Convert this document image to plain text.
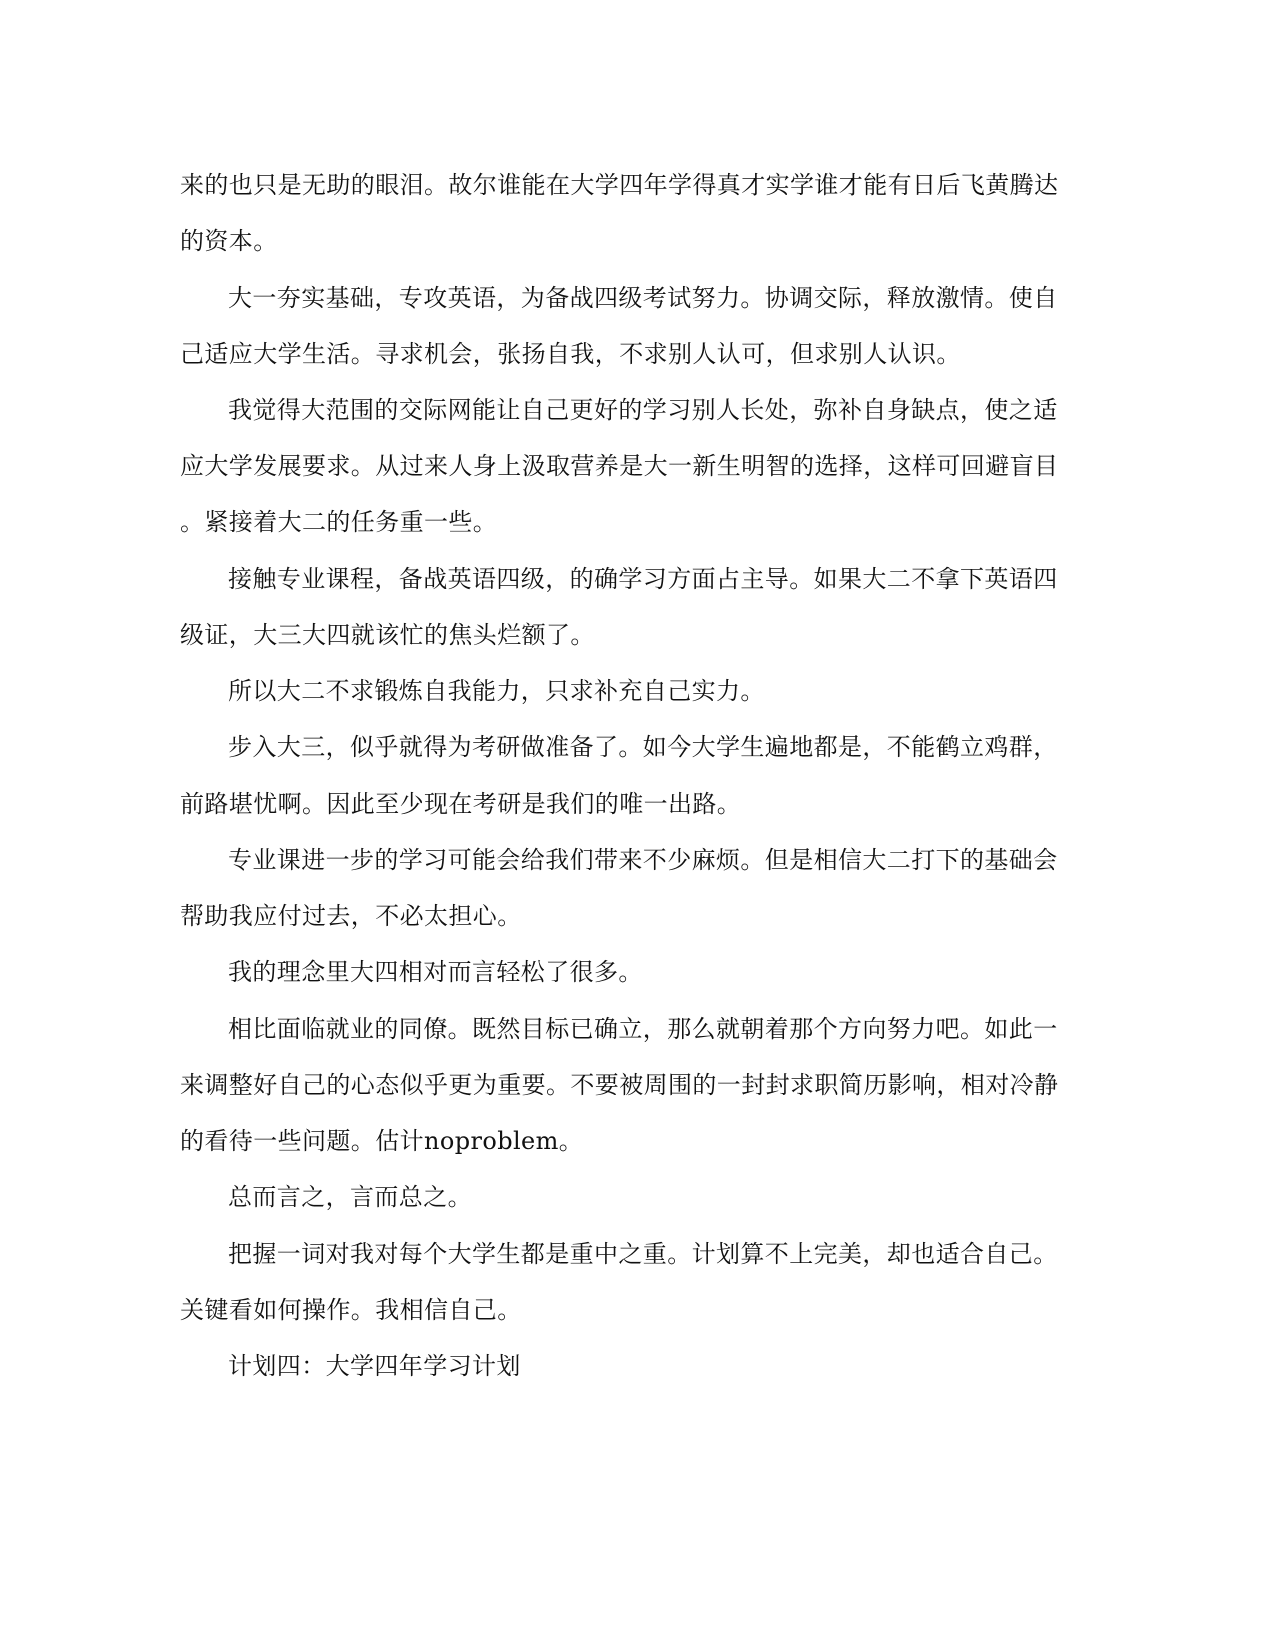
来的也只是无助的眼泪。故尔谁能在大学四年学得真才实学谁才能有日后飞黄腾达
的资本。
大一夯实基础，专攻英语，为备战四级考试努力。协调交际，释放激情。使自
己适应大学生活。寻求机会，张扬自我，不求别人认可，但求别人认识。
我觉得大范围的交际网能让自己更好的学习别人长处，弥补自身缺点，使之适
应大学发展要求。从过来人身上汲取营养是大一新生明智的选择，这样可回避盲目
。紧接着大二的任务重一些。
接触专业课程，备战英语四级，的确学习方面占主导。如果大二不拿下英语四
级证，大三大四就该忙的焦头烂额了。
所以大二不求锻炼自我能力，只求补充自己实力。
步入大三，似乎就得为考研做准备了。如今大学生遍地都是，不能鹤立鸡群，
前路堪忧啊。因此至少现在考研是我们的唯一出路。
专业课进一步的学习可能会给我们带来不少麻烦。但是相信大二打下的基础会
帮助我应付过去，不必太担心。
我的理念里大四相对而言轻松了很多。
相比面临就业的同僚。既然目标已确立，那么就朝着那个方向努力吧。如此一
来调整好自己的心态似乎更为重要。不要被周围的一封封求职简历影响，相对冷静
的看待一些问题。估计noproblem。
总而言之，言而总之。
把握一词对我对每个大学生都是重中之重。计划算不上完美，却也适合自己。
关键看如何操作。我相信自己。
计划四：大学四年学习计划
